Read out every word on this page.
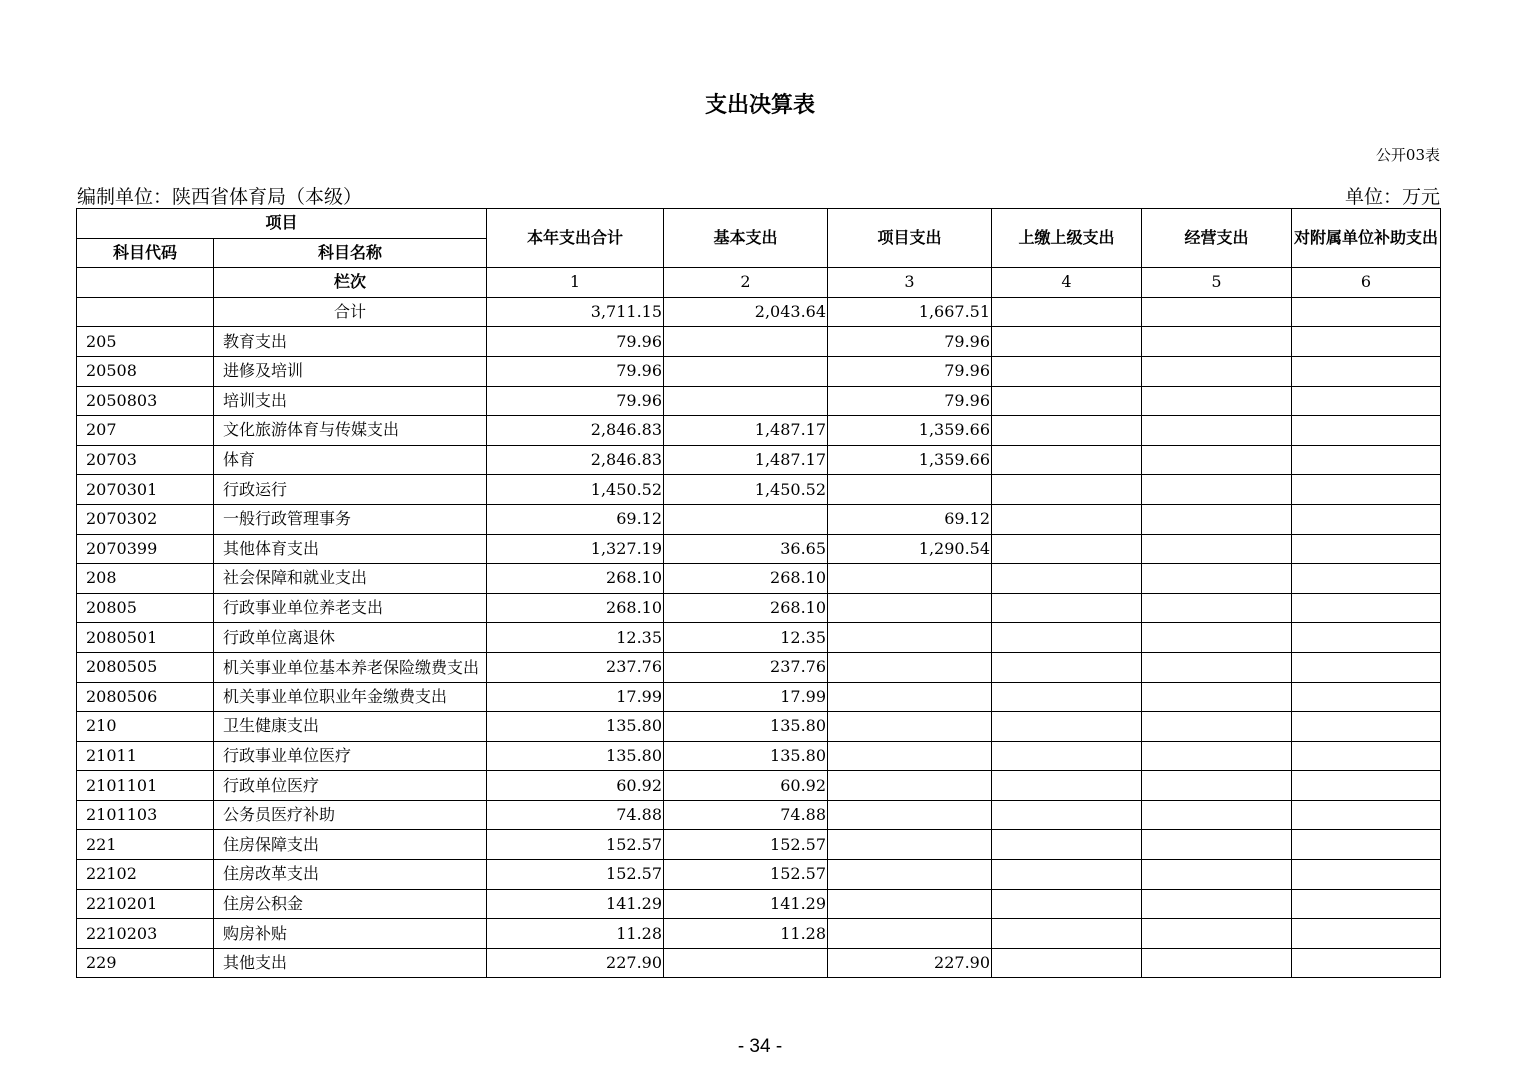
支出决算表
公开03表
编制单位：陕西省体育局（本级）	单位：万元
项目		本年支出合计	基本支出	项目支出	上缴上级支出	经营支出	对附属单位补助支出
科目代码	科目名称						
	栏次	1	2	3	4	5	6
	合计	3,711.15	2,043.64	1,667.51			
205	教育支出	79.96		79.96			
20508	进修及培训	79.96		79.96			
2050803	培训支出	79.96		79.96			
207	文化旅游体育与传媒支出	2,846.83	1,487.17	1,359.66			
20703	体育	2,846.83	1,487.17	1,359.66			
2070301	行政运行	1,450.52	1,450.52				
2070302	一般行政管理事务	69.12		69.12			
2070399	其他体育支出	1,327.19	36.65	1,290.54			
208	社会保障和就业支出	268.10	268.10				
20805	行政事业单位养老支出	268.10	268.10				
2080501	行政单位离退休	12.35	12.35				
2080505	机关事业单位基本养老保险缴费支出	237.76	237.76				
2080506	机关事业单位职业年金缴费支出	17.99	17.99				
210	卫生健康支出	135.80	135.80				
21011	行政事业单位医疗	135.80	135.80				
2101101	行政单位医疗	60.92	60.92				
2101103	公务员医疗补助	74.88	74.88				
221	住房保障支出	152.57	152.57				
22102	住房改革支出	152.57	152.57				
2210201	住房公积金	141.29	141.29				
2210203	购房补贴	11.28	11.28				
229	其他支出	227.90		227.90			
- 34 -
